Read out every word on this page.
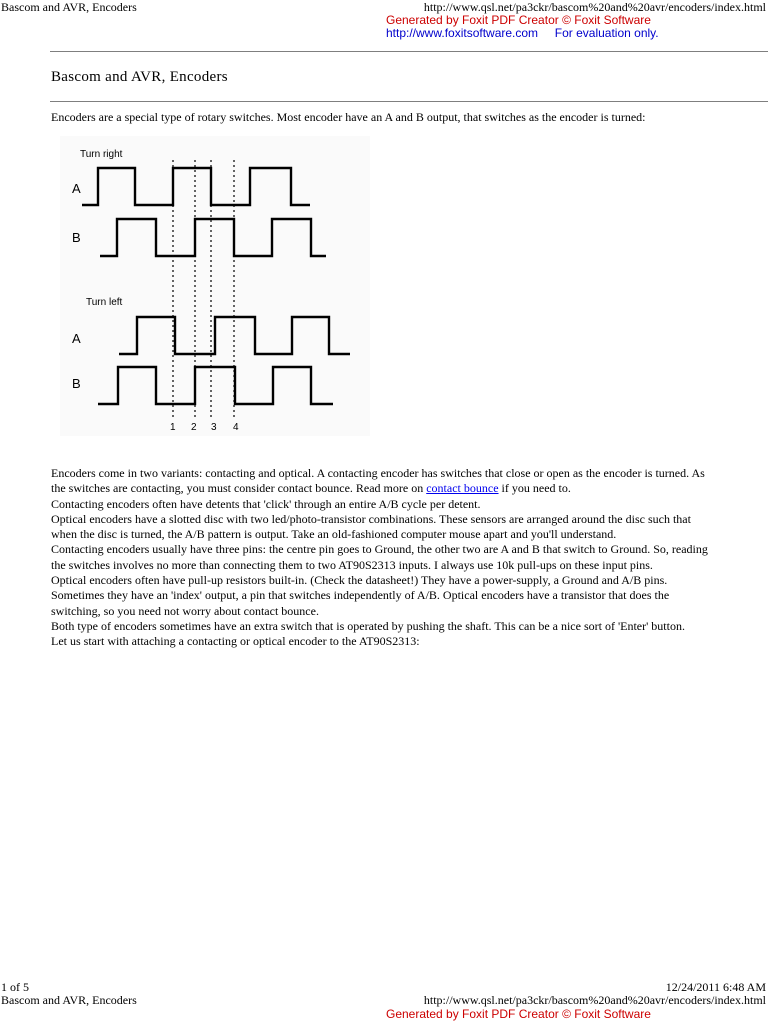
Bascom and AVR, Encoders	http://www.qsl.net/pa3ckr/bascom%20and%20avr/encoders/index.html
Generated by Foxit PDF Creator © Foxit Software
http://www.foxitsoftware.com For evaluation only.
Bascom and AVR, Encoders
Encoders are a special type of rotary switches. Most encoder have an A and B output, that switches as the encoder is turned:
Turn right
A
B
Turn left
A
B
1 2 3 4

Encoders come in two variants: contacting and optical. A contacting encoder has switches that close or open as the encoder is turned. As the switches are contacting, you must consider contact bounce. Read more on contact bounce if you need to.

Contacting encoders often have detents that 'click' through an entire A/B cycle per detent.

Optical encoders have a slotted disc with two led/photo-transistor combinations. These sensors are arranged around the disc such that when the disc is turned, the A/B pattern is output. Take an old-fashioned computer mouse apart and you'll understand.

Contacting encoders usually have three pins: the centre pin goes to Ground, the other two are A and B that switch to Ground. So, reading the switches involves no more than connecting them to two AT90S2313 inputs. I always use 10k pull-ups on these input pins.

Optical encoders often have pull-up resistors built-in. (Check the datasheet!) They have a power-supply, a Ground and A/B pins. Sometimes they have an 'index' output, a pin that switches independently of A/B. Optical encoders have a transistor that does the switching, so you need not worry about contact bounce.

Both type of encoders sometimes have an extra switch that is operated by pushing the shaft. This can be a nice sort of 'Enter' button.

Let us start with attaching a contacting or optical encoder to the AT90S2313:

1 of 5	12/24/2011 6:48 AM
Bascom and AVR, Encoders	http://www.qsl.net/pa3ckr/bascom%20and%20avr/encoders/index.html
Generated by Foxit PDF Creator © Foxit Software
